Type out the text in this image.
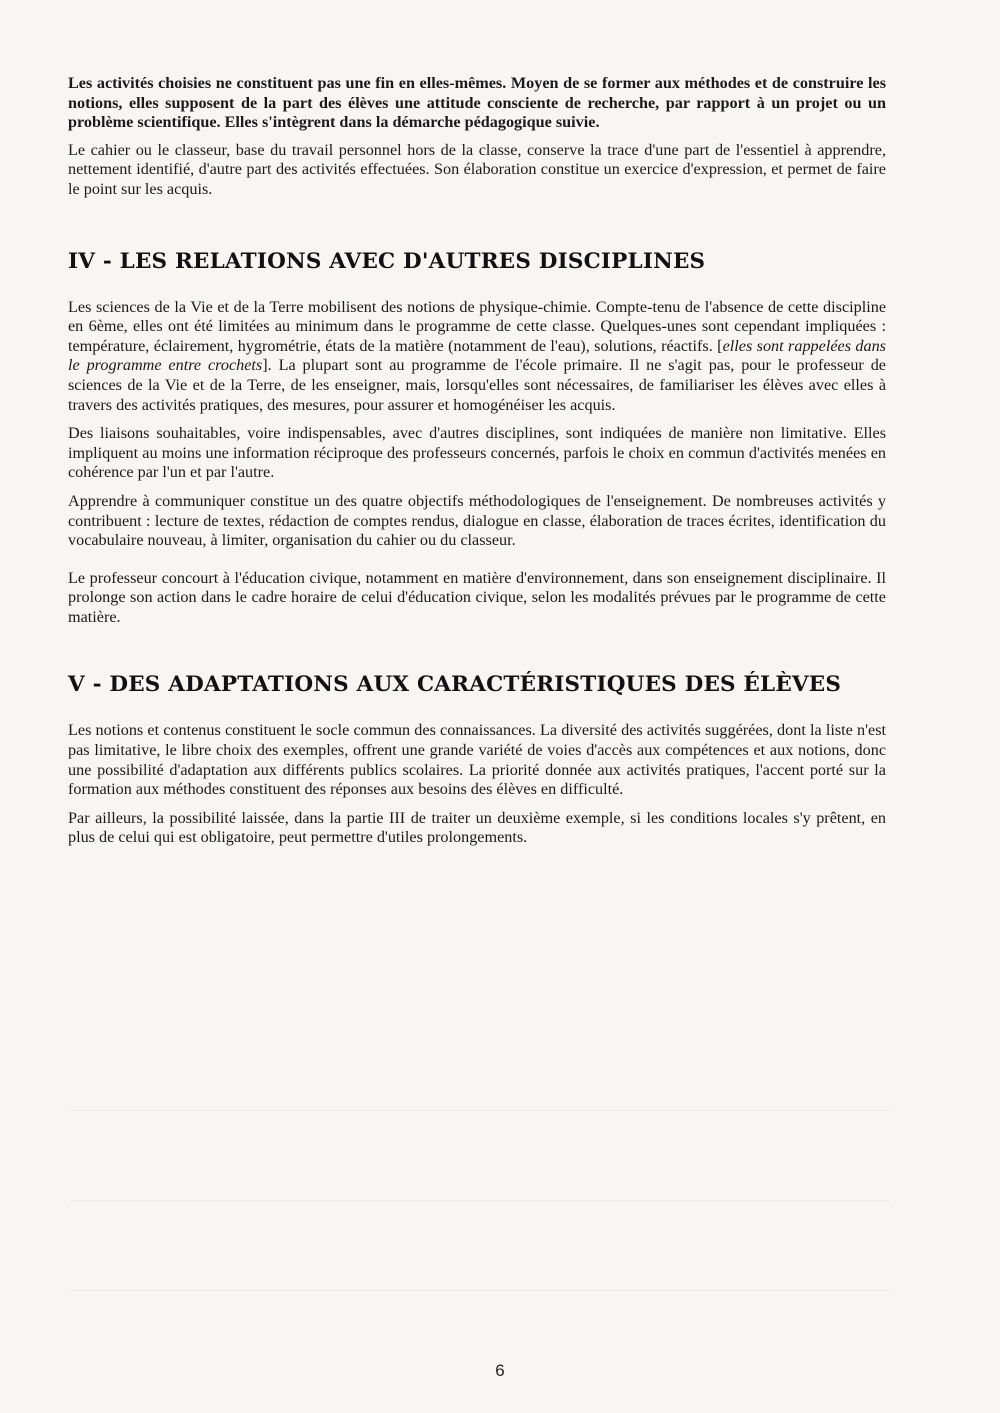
Les activités choisies ne constituent pas une fin en elles-mêmes. Moyen de se former aux méthodes et de construire les notions, elles supposent de la part des élèves une attitude consciente de recherche, par rapport à un projet ou un problème scientifique. Elles s'intègrent dans la démarche pédagogique suivie.

Le cahier ou le classeur, base du travail personnel hors de la classe, conserve la trace d'une part de l'essentiel à apprendre, nettement identifié, d'autre part des activités effectuées. Son élaboration constitue un exercice d'expression, et permet de faire le point sur les acquis.

IV - LES RELATIONS AVEC D'AUTRES DISCIPLINES

Les sciences de la Vie et de la Terre mobilisent des notions de physique-chimie. Compte-tenu de l'absence de cette discipline en 6ème, elles ont été limitées au minimum dans le programme de cette classe. Quelques-unes sont cependant impliquées : température, éclairement, hygrométrie, états de la matière (notamment de l'eau), solutions, réactifs. [elles sont rappelées dans le programme entre crochets]. La plupart sont au programme de l'école primaire. Il ne s'agit pas, pour le professeur de sciences de la Vie et de la Terre, de les enseigner, mais, lorsqu'elles sont nécessaires, de familiariser les élèves avec elles à travers des activités pratiques, des mesures, pour assurer et homogénéiser les acquis.

Des liaisons souhaitables, voire indispensables, avec d'autres disciplines, sont indiquées de manière non limitative. Elles impliquent au moins une information réciproque des professeurs concernés, parfois le choix en commun d'activités menées en cohérence par l'un et par l'autre.

Apprendre à communiquer constitue un des quatre objectifs méthodologiques de l'enseignement. De nombreuses activités y contribuent : lecture de textes, rédaction de comptes rendus, dialogue en classe, élaboration de traces écrites, identification du vocabulaire nouveau, à limiter, organisation du cahier ou du classeur.

Le professeur concourt à l'éducation civique, notamment en matière d'environnement, dans son enseignement disciplinaire. Il prolonge son action dans le cadre horaire de celui d'éducation civique, selon les modalités prévues par le programme de cette matière.

V - DES ADAPTATIONS AUX CARACTÉRISTIQUES DES ÉLÈVES

Les notions et contenus constituent le socle commun des connaissances. La diversité des activités suggérées, dont la liste n'est pas limitative, le libre choix des exemples, offrent une grande variété de voies d'accès aux compétences et aux notions, donc une possibilité d'adaptation aux différents publics scolaires. La priorité donnée aux activités pratiques, l'accent porté sur la formation aux méthodes constituent des réponses aux besoins des élèves en difficulté.

Par ailleurs, la possibilité laissée, dans la partie III de traiter un deuxième exemple, si les conditions locales s'y prêtent, en plus de celui qui est obligatoire, peut permettre d'utiles prolongements.

6
